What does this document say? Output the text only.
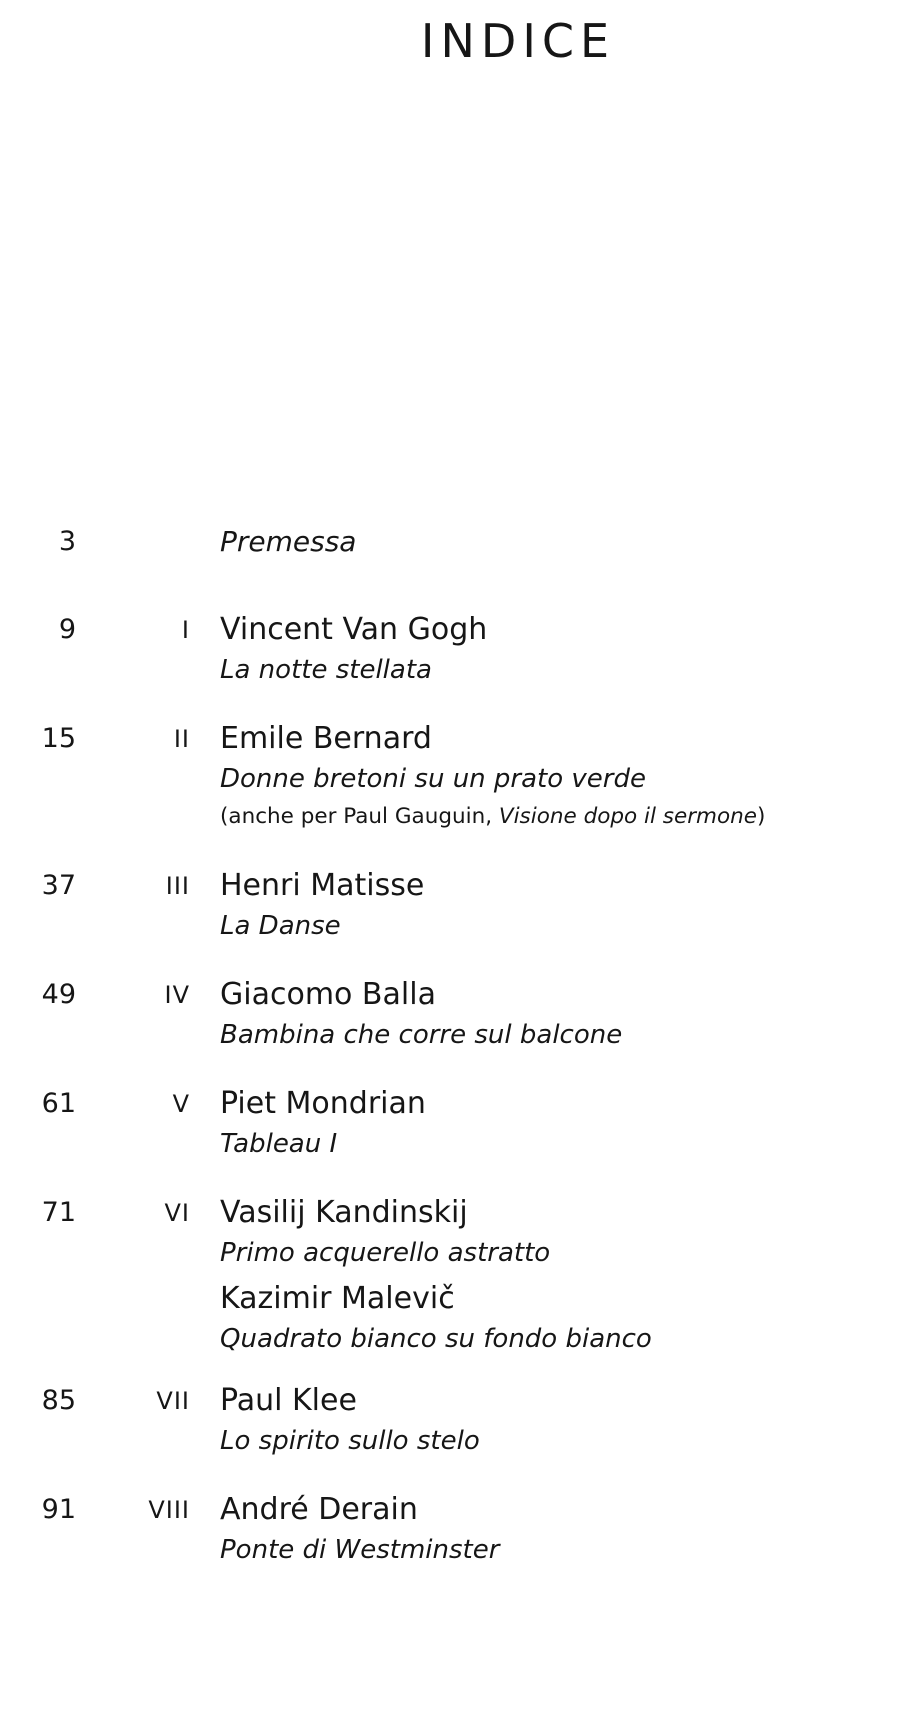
INDICE
3	Premessa
9	I Vincent Van Gogh
La notte stellata
15	II Emile Bernard
Donne bretoni su un prato verde
(anche per Paul Gauguin, Visione dopo il sermone)
37	III Henri Matisse
La Danse
49	IV Giacomo Balla
Bambina che corre sul balcone
61	V Piet Mondrian
Tableau I
71	VI Vasilij Kandinskij
Primo acquerello astratto
Kazimir Malevič
Quadrato bianco su fondo bianco
85	VII Paul Klee
Lo spirito sullo stelo
91	VIII André Derain
Ponte di Westminster
